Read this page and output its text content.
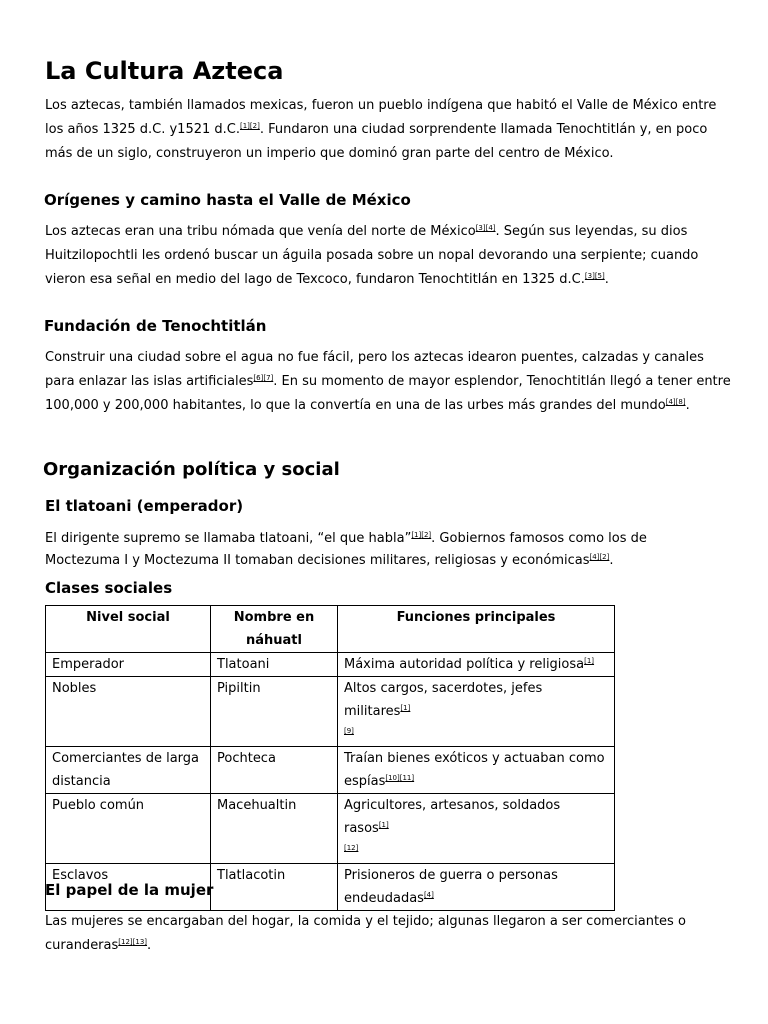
La Cultura Azteca

Los aztecas, también llamados mexicas, fueron un pueblo indígena que habitó el Valle de México entre los años 1325 d.C. y1521 d.C.[1][2]. Fundaron una ciudad sorprendente llamada Tenochtitlán y, en poco más de un siglo, construyeron un imperio que dominó gran parte del centro de México.

Orígenes y camino hasta el Valle de México

Los aztecas eran una tribu nómada que venía del norte de México[3][4]. Según sus leyendas, su dios Huitzilopochtli les ordenó buscar un águila posada sobre un nopal devorando una serpiente; cuando vieron esa señal en medio del lago de Texcoco, fundaron Tenochtitlán en 1325 d.C.[3][5].

Fundación de Tenochtitlán

Construir una ciudad sobre el agua no fue fácil, pero los aztecas idearon puentes, calzadas y canales para enlazar las islas artificiales[6][7]. En su momento de mayor esplendor, Tenochtitlán llegó a tener entre 100,000 y 200,000 habitantes, lo que la convertía en una de las urbes más grandes del mundo[4][8].

Organización política y social
El tlatoani (emperador)

El dirigente supremo se llamaba tlatoani, “el que habla”[1][2]. Gobiernos famosos como los de Moctezuma I y Moctezuma II tomaban decisiones militares, religiosas y económicas[4][2].

Clases sociales
Nivel social	Nombre en náhuatl	Funciones principales
Emperador	Tlatoani	Máxima autoridad política y religiosa[1]
Nobles	Pipiltin	Altos cargos, sacerdotes, jefes militares[1]
[9]
Comerciantes de larga distancia	Pochteca	Traían bienes exóticos y actuaban como espías[10][11]
Pueblo común	Macehualtin	Agricultores, artesanos, soldados rasos[1]
[12]
Esclavos	Tlatlacotin	Prisioneros de guerra o personas endeudadas[4]
El papel de la mujer

Las mujeres se encargaban del hogar, la comida y el tejido; algunas llegaron a ser comerciantes o curanderas[12][13].
